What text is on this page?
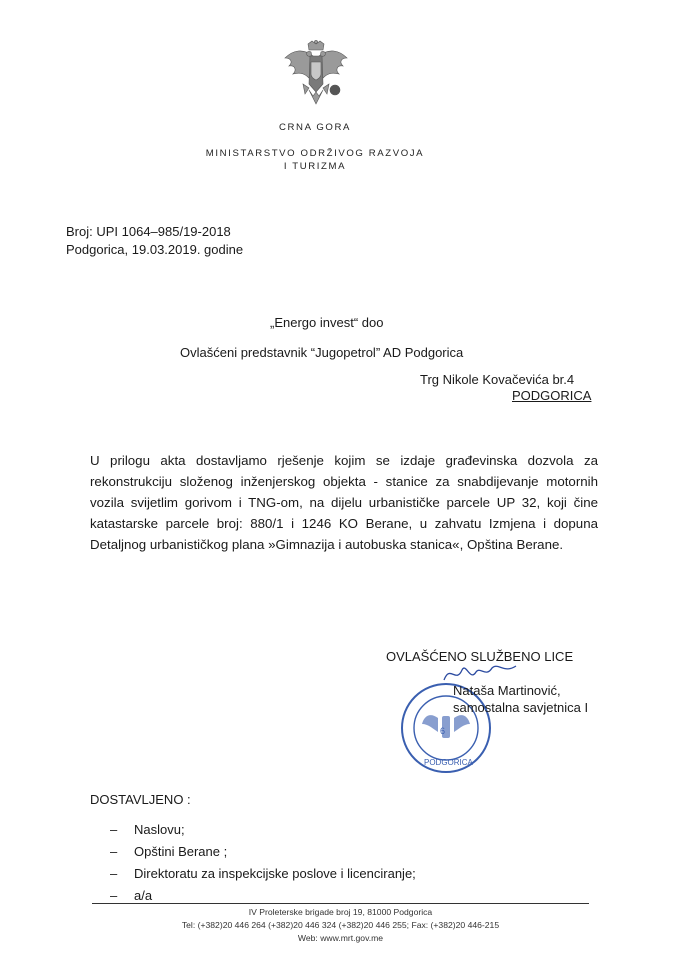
CRNA GORA
MINISTARSTVO ODRŽIVOG RAZVOJA
I TURIZMA
Broj: UPI 1064–985/19-2018
Podgorica, 19.03.2019. godine
„Energo invest“ doo
Ovlašćeni predstavnik “Jugopetrol” AD Podgorica
Trg Nikole Kovačevića br.4
PODGORICA
U prilogu akta dostavljamo rješenje kojim se izdaje građevinska dozvola za rekonstrukciju složenog inženjerskog objekta - stanice za snabdijevanje motornih vozila svijetlim gorivom i TNG-om, na dijelu urbanističke parcele UP 32, koji čine katastarske parcele broj: 880/1 i 1246 KO Berane, u zahvatu Izmjena i dopuna Detaljnog urbanističkog plana »Gimnazija i autobuska stanica«, Opština Berane.
OVLAŠĆENO SLUŽBENO LICE
6
PODGORICA
Nataša Martinović,
samostalna savjetnica I
DOSTAVLJENO :
– Naslovu;
– Opštini Berane ;
– Direktoratu za inspekcijske poslove i licenciranje;
– a/a
IV Proleterske brigade broj 19, 81000 Podgorica
Tel: (+382)20 446 264 (+382)20 446 324 (+382)20 446 255; Fax: (+382)20 446-215
Web: www.mrt.gov.me
